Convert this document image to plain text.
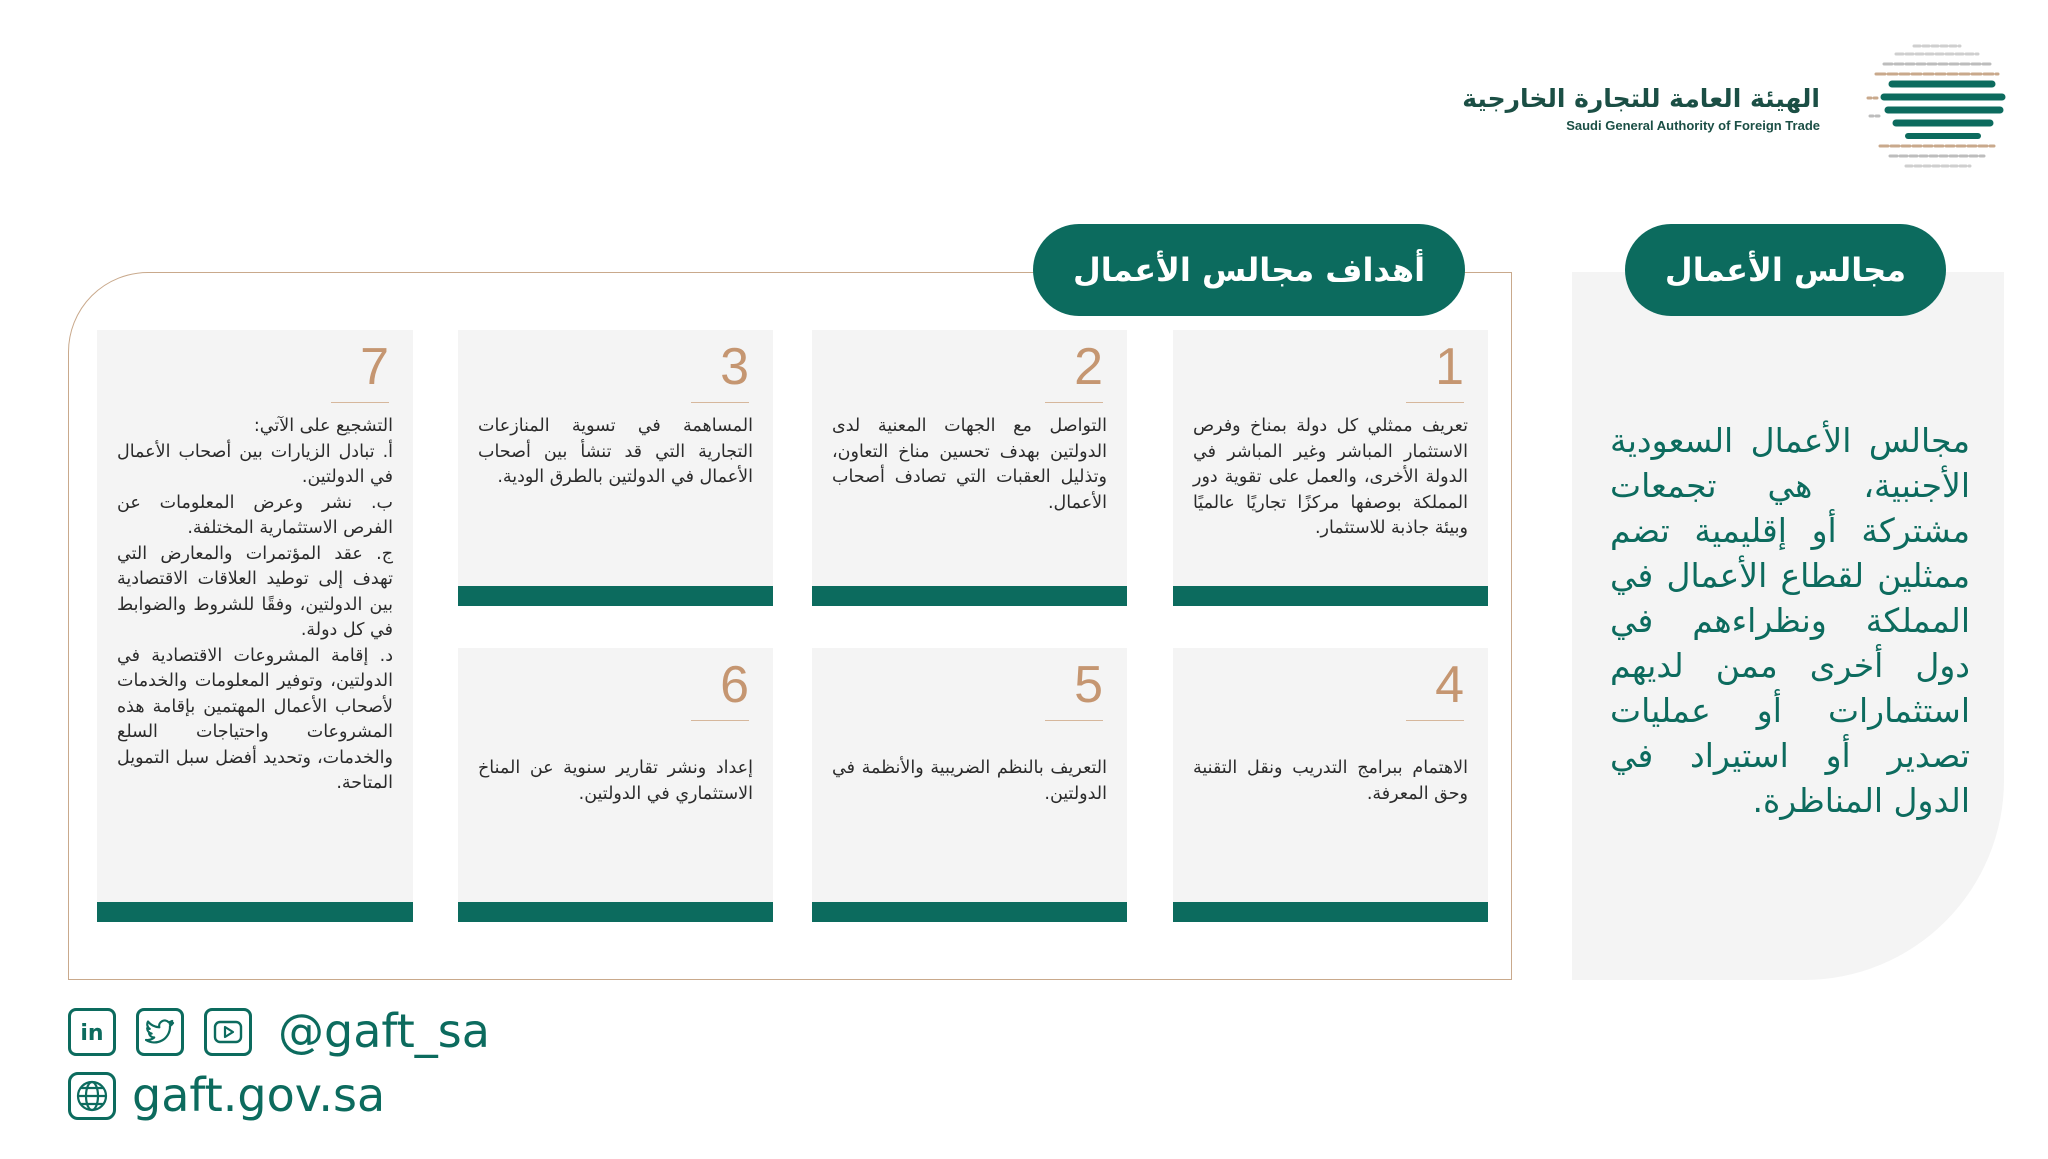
الهيئة العامة للتجارة الخارجية
Saudi General Authority of Foreign Trade
مجالس الأعمال
مجالس الأعمال السعودية الأجنبية، هي تجمعات مشتركة أو إقليمية تضم ممثلين لقطاع الأعمال في المملكة ونظراءهم في دول أخرى ممن لديهم استثمارات أو عمليات تصدير أو استيراد في الدول المناظرة.
أهداف مجالس الأعمال
1
تعريف ممثلي كل دولة بمناخ وفرص الاستثمار المباشر وغير المباشر في الدولة الأخرى، والعمل على تقوية دور المملكة بوصفها مركزًا تجاريًا عالميًا وبيئة جاذبة للاستثمار.
2
التواصل مع الجهات المعنية لدى الدولتين بهدف تحسين مناخ التعاون، وتذليل العقبات التي تصادف أصحاب الأعمال.
3
المساهمة في تسوية المنازعات التجارية التي قد تنشأ بين أصحاب الأعمال في الدولتين بالطرق الودية.
4
الاهتمام ببرامج التدريب ونقل التقنية وحق المعرفة.
5
التعريف بالنظم الضريبية والأنظمة في الدولتين.
6
إعداد ونشر تقارير سنوية عن المناخ الاستثماري في الدولتين.
7
التشجيع على الآتي:
أ. تبادل الزيارات بين أصحاب الأعمال في الدولتين.
ب. نشر وعرض المعلومات عن الفرص الاستثمارية المختلفة.
ج. عقد المؤتمرات والمعارض التي تهدف إلى توطيد العلاقات الاقتصادية بين الدولتين، وفقًا للشروط والضوابط في كل دولة.
د. إقامة المشروعات الاقتصادية في الدولتين، وتوفير المعلومات والخدمات لأصحاب الأعمال المهتمين بإقامة هذه المشروعات واحتياجات السلع والخدمات، وتحديد أفضل سبل التمويل المتاحة.
in	@gaft_sa
gaft.gov.sa
